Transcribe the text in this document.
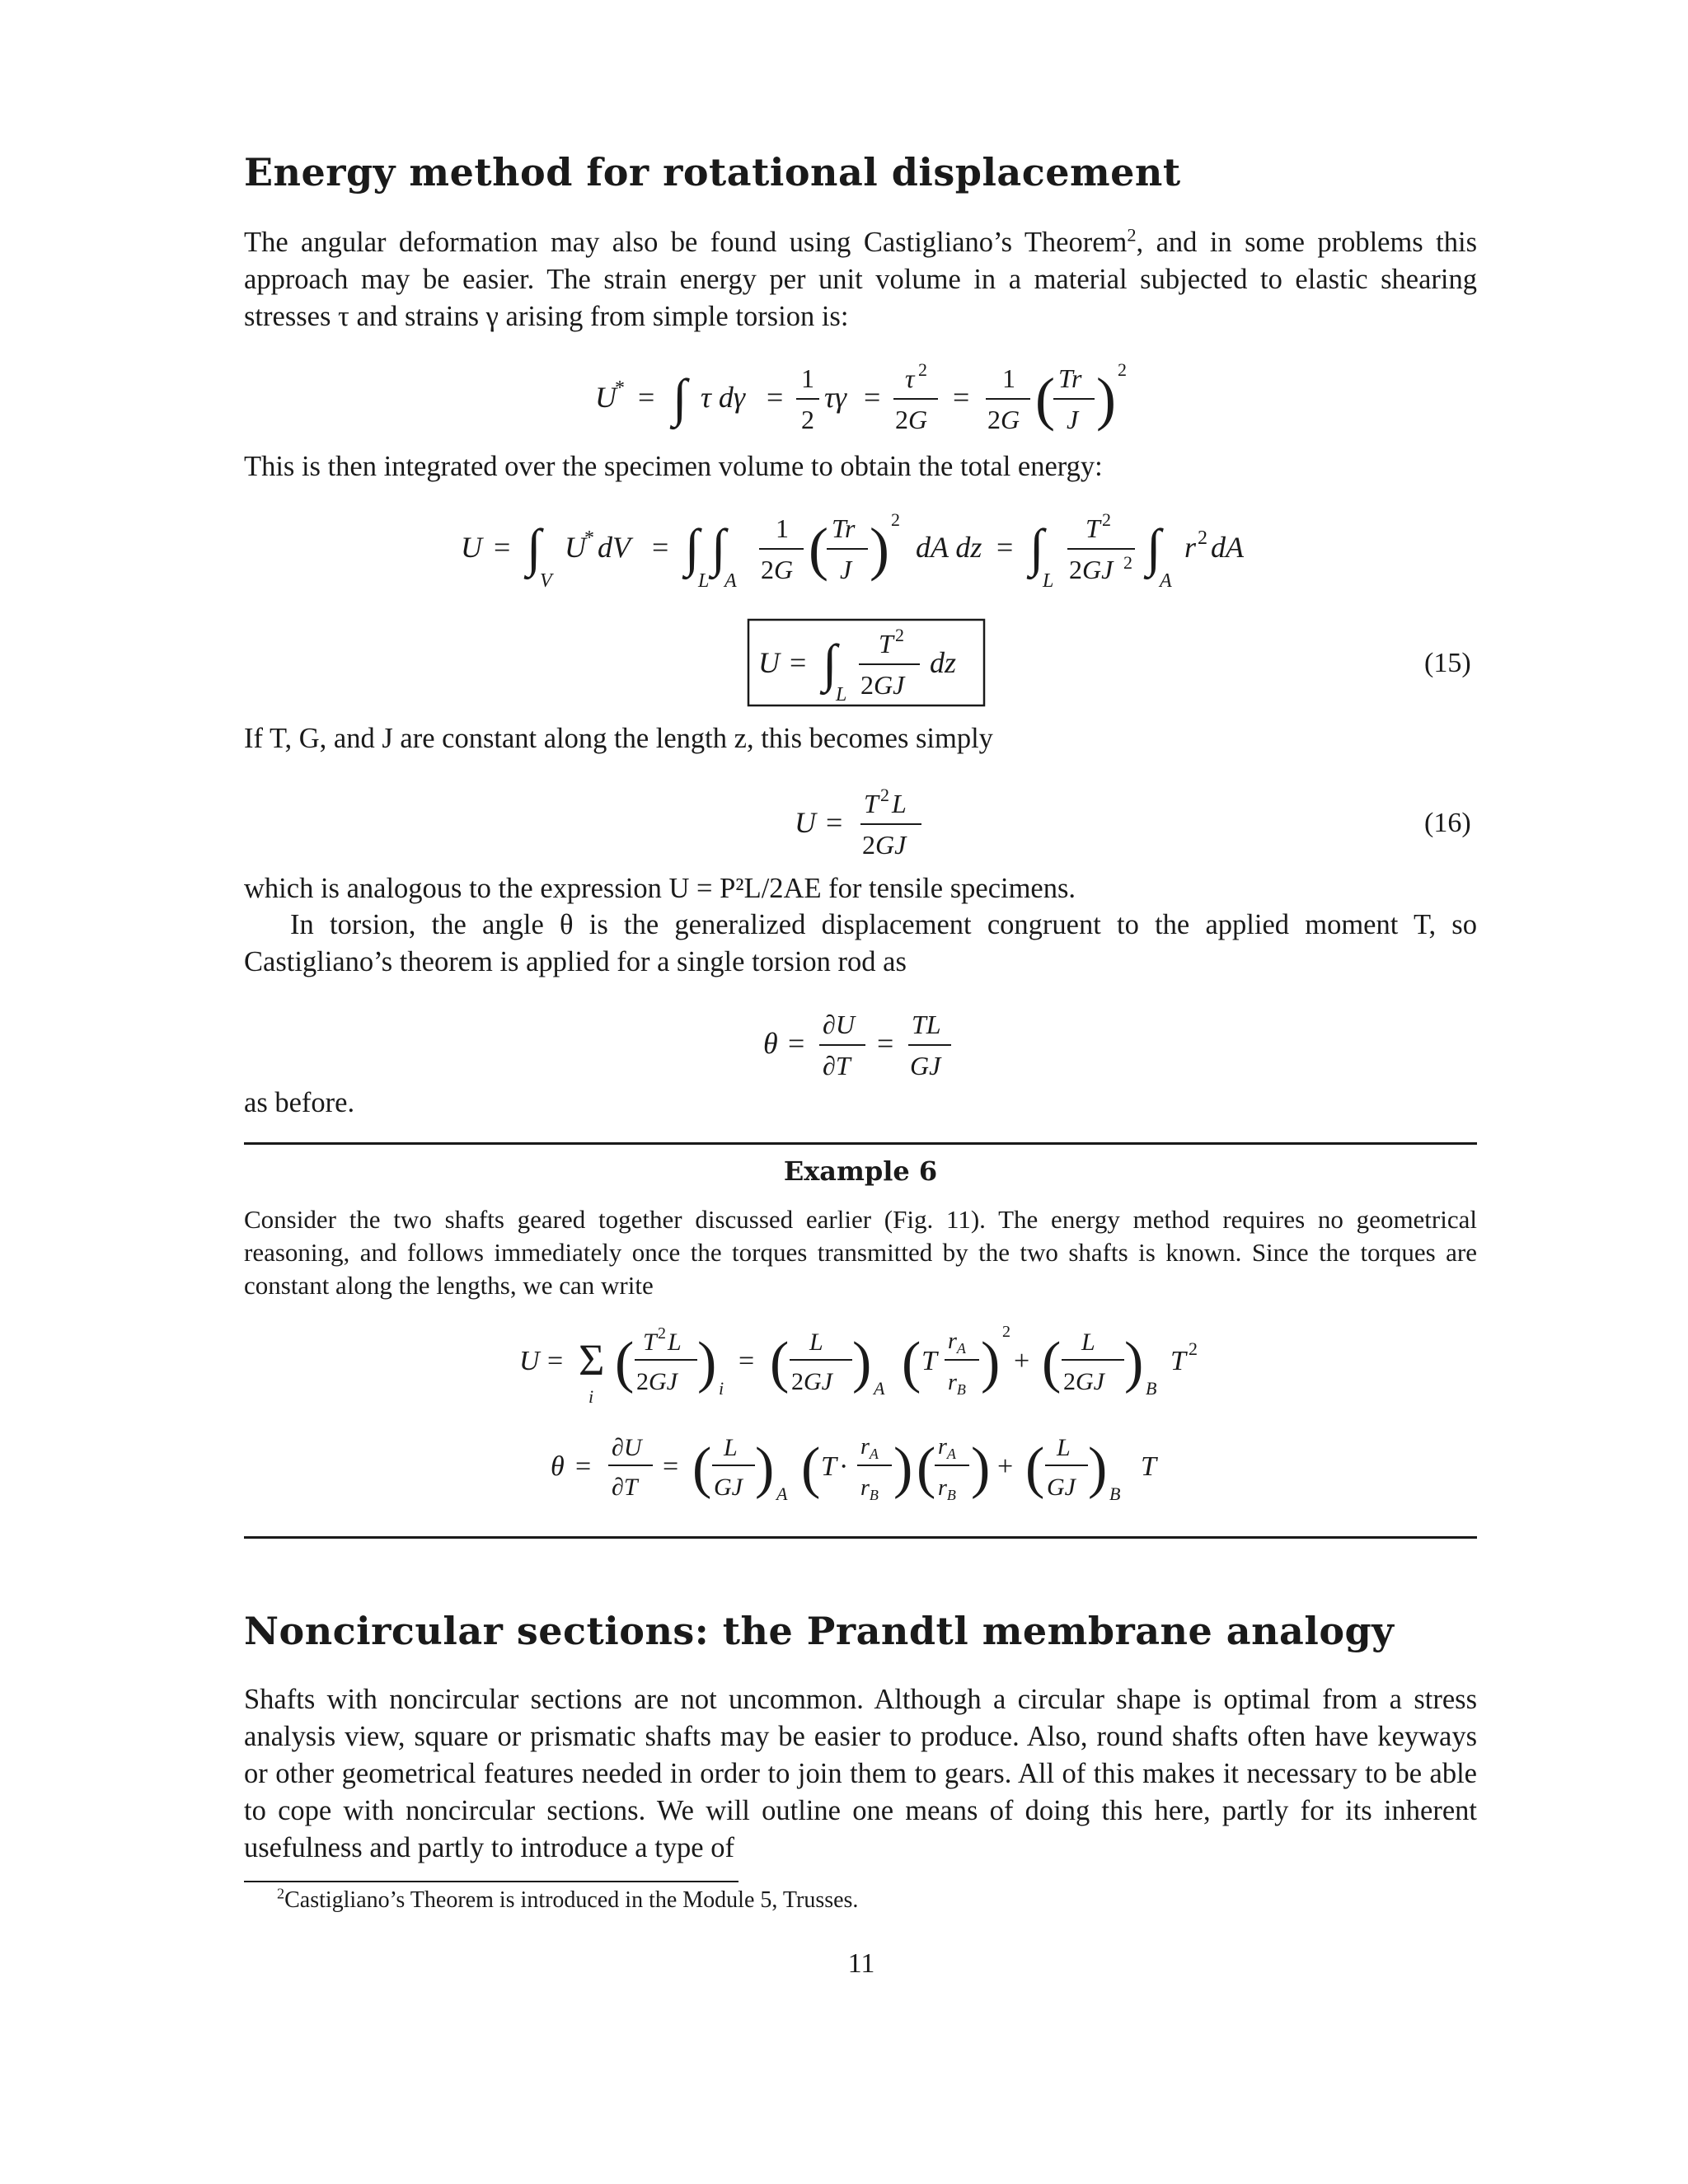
Energy method for rotational displacement
The angular deformation may also be found using Castigliano’s Theorem$^2$, and in some problems this approach may be easier. The strain energy per unit volume in a material subjected to elastic shearing stresses τ and strains γ arising from simple torsion is:
U
* = ∫ τ dγ =
1
2
τγ =
τ 2
2G
=
1
2G ( Tr
J ) 2
This is then integrated over the specimen volume to obtain the total energy:
U = ∫
V
U
* dV = ∫
L
∫
A
1
2G ( Tr
J ) 2
dA dz = ∫
L
T 2
2GJ 2 ∫
A
r 2 dA
U = ∫
L
T 2
2GJ
dz	(15)
If T, G, and J are constant along the length z, this becomes simply
U =
T 2 L
2GJ
(16)
which is analogous to the expression U = P²L/2AE for tensile specimens.
In torsion, the angle θ is the generalized displacement congruent to the applied moment T, so Castigliano’s theorem is applied for a single torsion rod as
θ =
∂U
∂T
=
TL
GJ
as before.
Example 6
Consider the two shafts geared together discussed earlier (Fig. 11). The energy method requires no geometrical reasoning, and follows immediately once the torques transmitted by the two shafts is known. Since the torques are constant along the lengths, we can write
U = Σ
i
( T 2 L
2GJ ) i
= ( L
2GJ ) A ( T
$r_A$
$r_B$ ) 2
+ ( L
2GJ ) B
T 2
θ =
∂U
∂T
= ( L
GJ ) A ( T ·
$r_A$
$r_B$ ) ( $r_A$
$r_B$ ) + ( L
GJ ) B
T
Noncircular sections: the Prandtl membrane analogy
Shafts with noncircular sections are not uncommon. Although a circular shape is optimal from a stress analysis view, square or prismatic shafts may be easier to produce. Also, round shafts often have keyways or other geometrical features needed in order to join them to gears. All of this makes it necessary to be able to cope with noncircular sections. We will outline one means of doing this here, partly for its inherent usefulness and partly to introduce a type of
$^2$Castigliano’s Theorem is introduced in the Module 5, Trusses.
11
